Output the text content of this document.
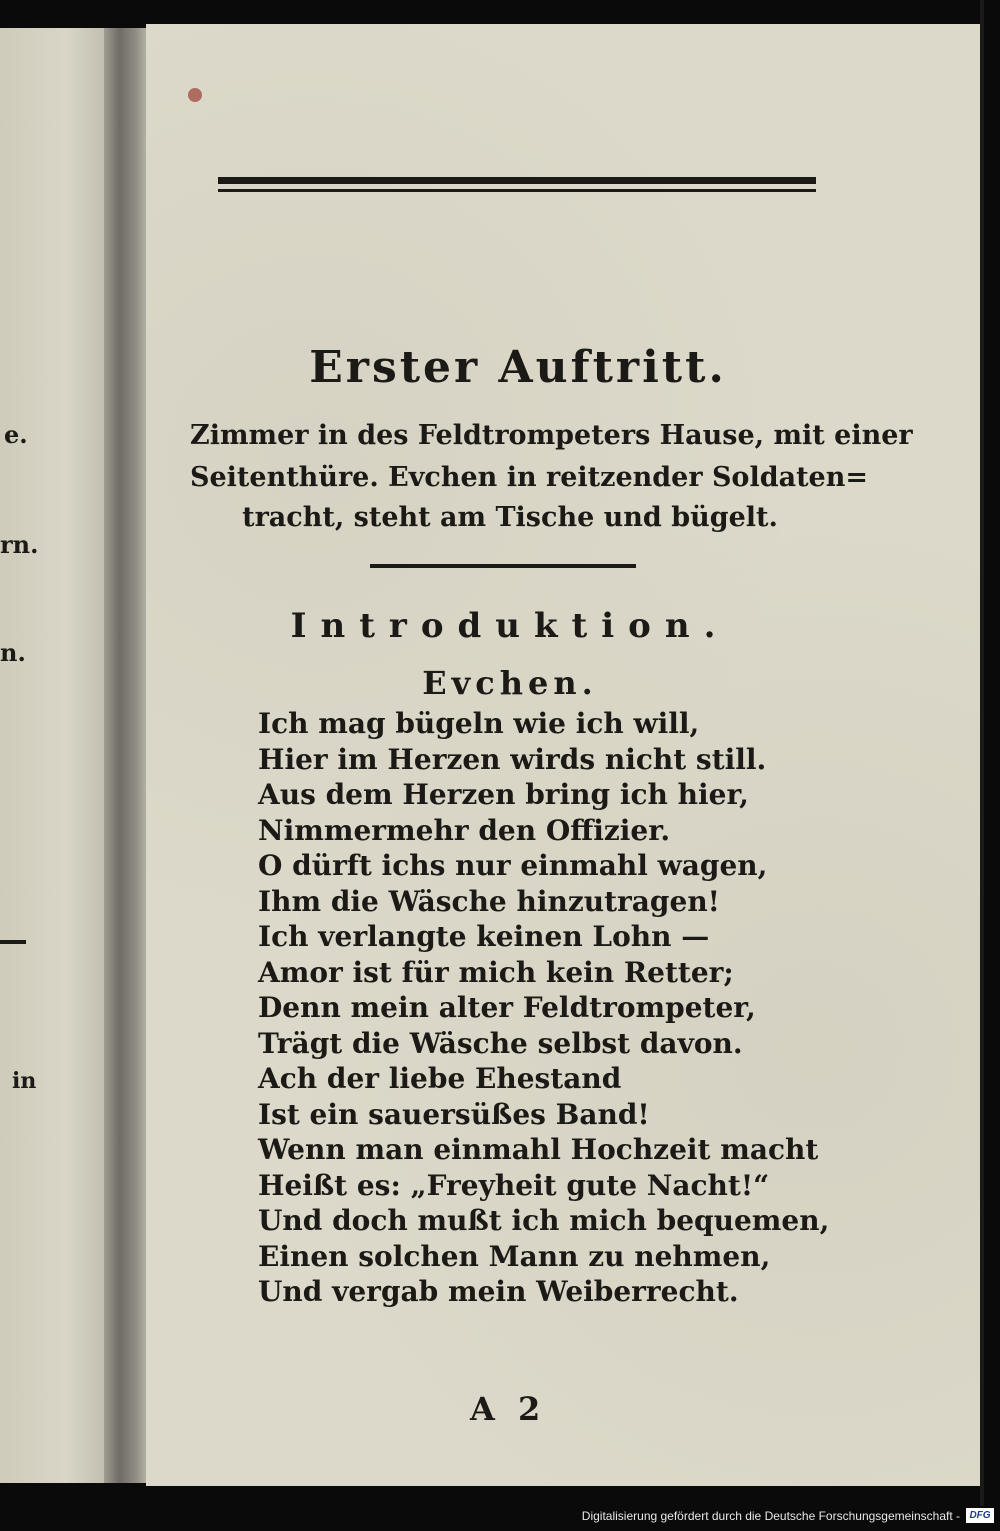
e.
rn.
n.
in
Erster Auftritt.
Zimmer in des Feldtrompeters Hause, mit einer
Seitenthüre. Evchen in reitzender Soldaten=
tracht, steht am Tische und bügelt.
Introduktion.
Evchen.
Ich mag bügeln wie ich will,
Hier im Herzen wirds nicht still.
Aus dem Herzen bring ich hier,
Nimmermehr den Offizier.
O dürft ichs nur einmahl wagen,
Ihm die Wäsche hinzutragen!
Ich verlangte keinen Lohn —
Amor ist für mich kein Retter;
Denn mein alter Feldtrompeter,
Trägt die Wäsche selbst davon.
Ach der liebe Ehestand
Ist ein sauersüßes Band!
Wenn man einmahl Hochzeit macht
Heißt es: „Freyheit gute Nacht!“
Und doch mußt ich mich bequemen,
Einen solchen Mann zu nehmen,
Und vergab mein Weiberrecht.
A 2
Digitalisierung gefördert durch die Deutsche Forschungsgemeinschaft - DFG
